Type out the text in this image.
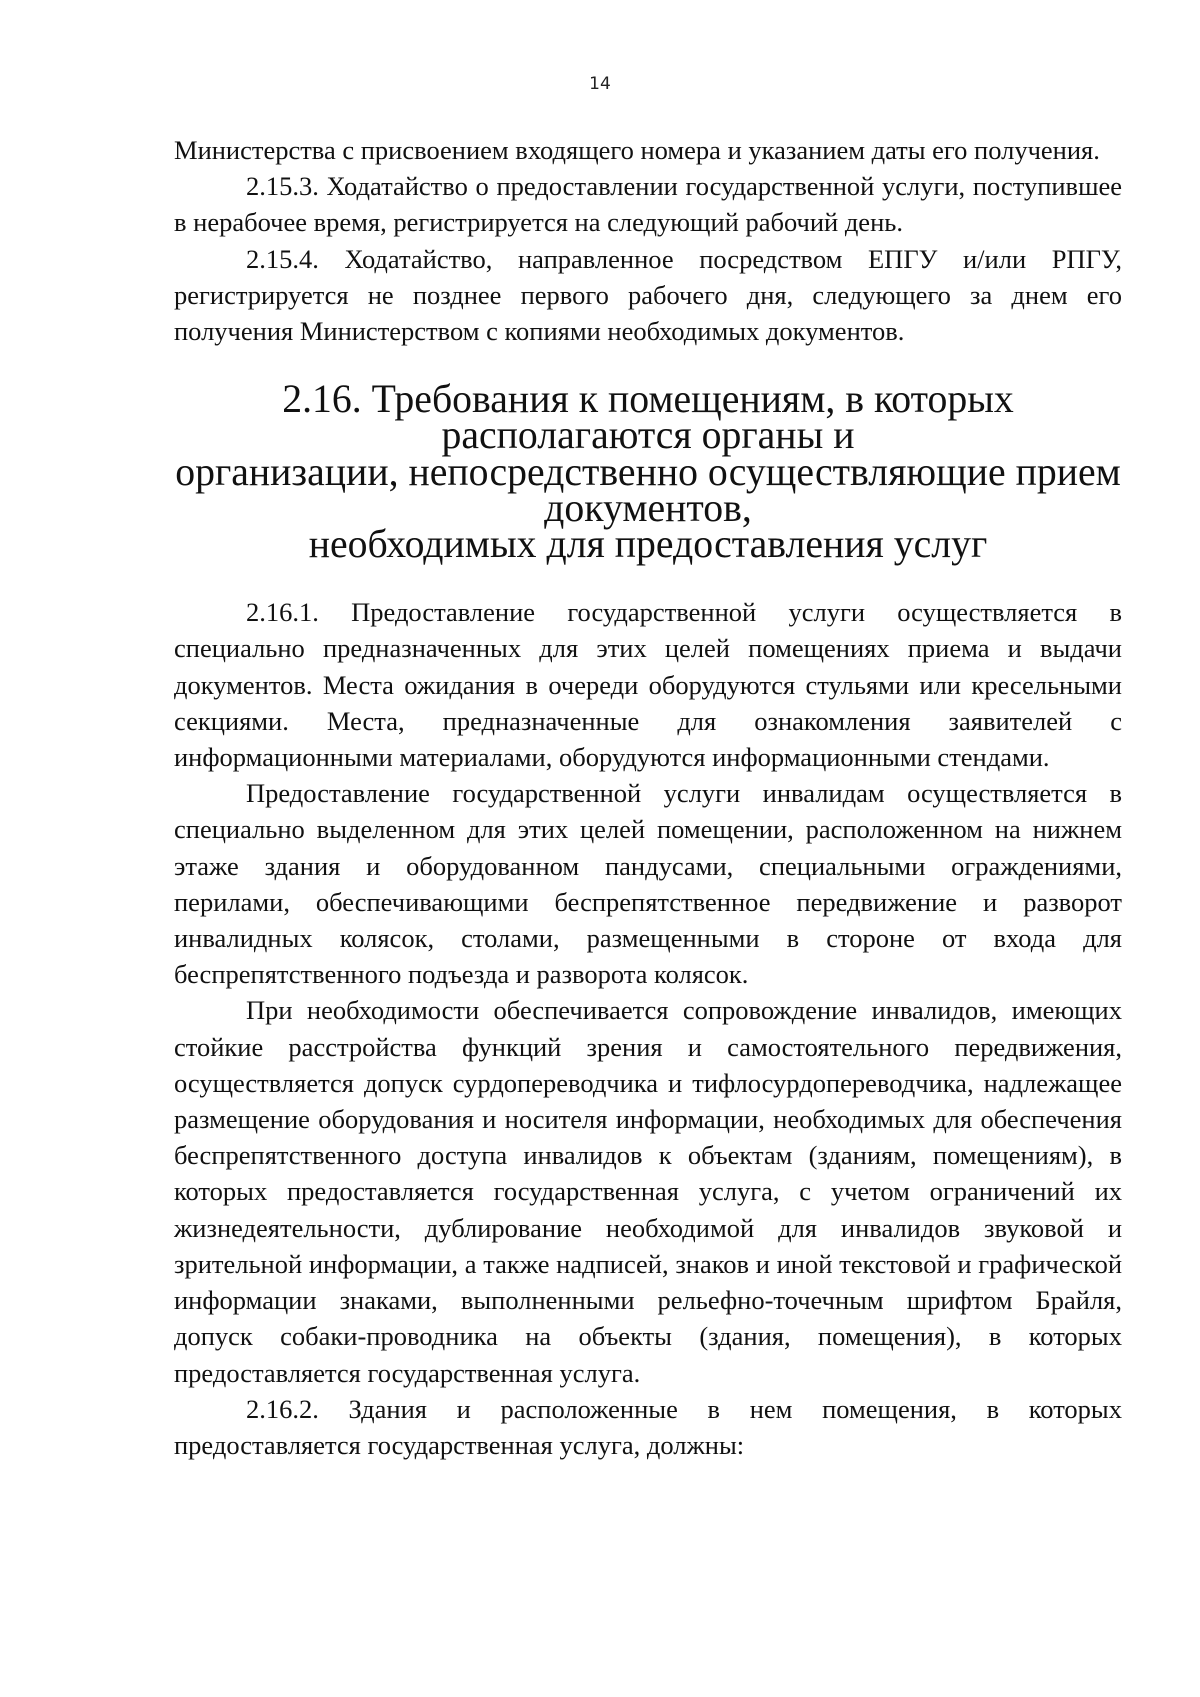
14

Министерства с присвоением входящего номера и указанием даты его получения.

2.15.3. Ходатайство о предоставлении государственной услуги, поступившее в нерабочее время, регистрируется на следующий рабочий день.

2.15.4. Ходатайство, направленное посредством ЕПГУ и/или РПГУ, регистрируется не позднее первого рабочего дня, следующего за днем его получения Министерством с копиями необходимых документов.

2.16. Требования к помещениям, в которых располагаются органы и
организации, непосредственно осуществляющие прием документов,
необходимых для предоставления услуг

2.16.1. Предоставление государственной услуги осуществляется в специально предназначенных для этих целей помещениях приема и выдачи документов. Места ожидания в очереди оборудуются стульями или кресельными секциями. Места, предназначенные для ознакомления заявителей с информационными материалами, оборудуются информационными стендами.

Предоставление государственной услуги инвалидам осуществляется в специально выделенном для этих целей помещении, расположенном на нижнем этаже здания и оборудованном пандусами, специальными ограждениями, перилами, обеспечивающими беспрепятственное передвижение и разворот инвалидных колясок, столами, размещенными в стороне от входа для беспрепятственного подъезда и разворота колясок.

При необходимости обеспечивается сопровождение инвалидов, имеющих стойкие расстройства функций зрения и самостоятельного передвижения, осуществляется допуск сурдопереводчика и тифлосурдопереводчика, надлежащее размещение оборудования и носителя информации, необходимых для обеспечения беспрепятственного доступа инвалидов к объектам (зданиям, помещениям), в которых предоставляется государственная услуга, с учетом ограничений их жизнедеятельности, дублирование необходимой для инвалидов звуковой и зрительной информации, а также надписей, знаков и иной текстовой и графической информации знаками, выполненными рельефно-точечным шрифтом Брайля, допуск собаки-проводника на объекты (здания, помещения), в которых предоставляется государственная услуга.

2.16.2. Здания и расположенные в нем помещения, в которых предоставляется государственная услуга, должны:
